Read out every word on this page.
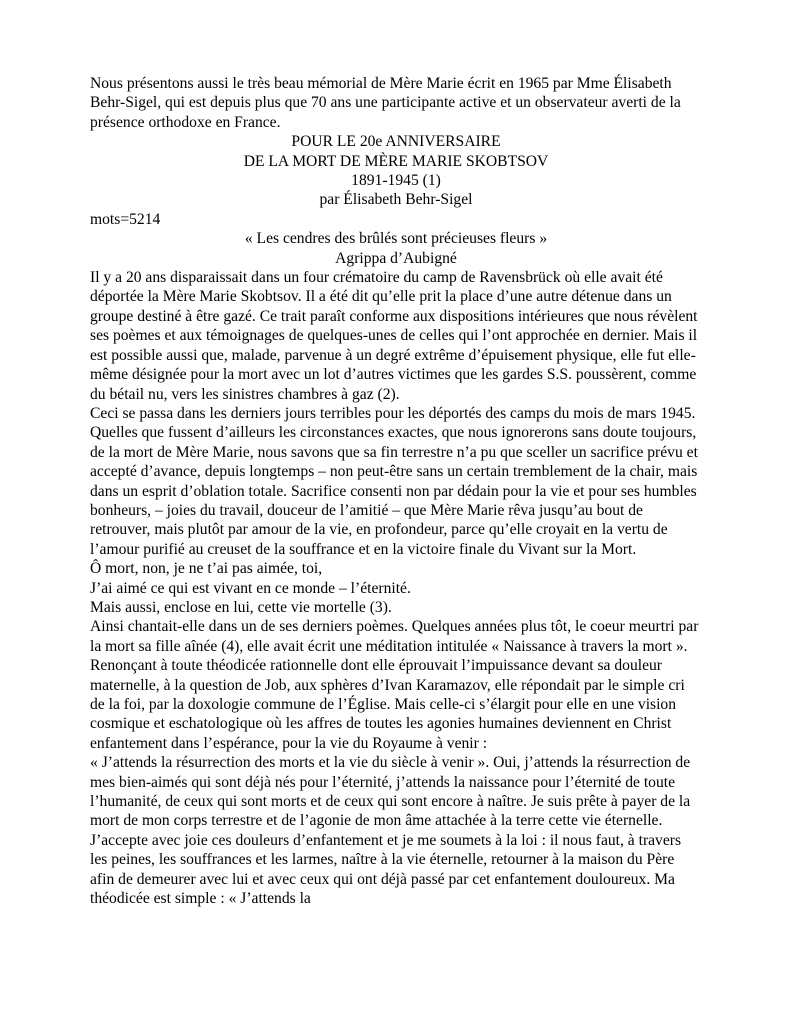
Nous présentons aussi le très beau mémorial de Mère Marie écrit en 1965 par Mme Élisabeth Behr-Sigel, qui est depuis plus que 70 ans une participante active et un observateur averti de la présence orthodoxe en France.

POUR LE 20e ANNIVERSAIRE
DE LA MORT DE MÈRE MARIE SKOBTSOV
1891-1945 (1)
par Élisabeth Behr-Sigel
mots=5214
« Les cendres des brûlés sont précieuses fleurs »
Agrippa d’Aubigné

Il y a 20 ans disparaissait dans un four crématoire du camp de Ravensbrück où elle avait été déportée la Mère Marie Skobtsov. Il a été dit qu’elle prit la place d’une autre détenue dans un groupe destiné à être gazé. Ce trait paraît conforme aux dispositions intérieures que nous révèlent ses poèmes et aux témoignages de quelques-unes de celles qui l’ont approchée en dernier. Mais il est possible aussi que, malade, parvenue à un degré extrême d’épuisement physique, elle fut elle-même désignée pour la mort avec un lot d’autres victimes que les gardes S.S. poussèrent, comme du bétail nu, vers les sinistres chambres à gaz (2).

Ceci se passa dans les derniers jours terribles pour les déportés des camps du mois de mars 1945. Quelles que fussent d’ailleurs les circonstances exactes, que nous ignorerons sans doute toujours, de la mort de Mère Marie, nous savons que sa fin terrestre n’a pu que sceller un sacrifice prévu et accepté d’avance, depuis longtemps – non peut-être sans un certain tremblement de la chair, mais dans un esprit d’oblation totale. Sacrifice consenti non par dédain pour la vie et pour ses humbles bonheurs, – joies du travail, douceur de l’amitié – que Mère Marie rêva jusqu’au bout de retrouver, mais plutôt par amour de la vie, en profondeur, parce qu’elle croyait en la vertu de l’amour purifié au creuset de la souffrance et en la victoire finale du Vivant sur la Mort.

Ô mort, non, je ne t’ai pas aimée, toi,
J’ai aimé ce qui est vivant en ce monde – l’éternité.
Mais aussi, enclose en lui, cette vie mortelle (3).

Ainsi chantait-elle dans un de ses derniers poèmes. Quelques années plus tôt, le coeur meurtri par la mort sa fille aînée (4), elle avait écrit une méditation intitulée « Naissance à travers la mort ». Renonçant à toute théodicée rationnelle dont elle éprouvait l’impuissance devant sa douleur maternelle, à la question de Job, aux sphères d’Ivan Karamazov, elle répondait par le simple cri de la foi, par la doxologie commune de l’Église. Mais celle-ci s’élargit pour elle en une vision cosmique et eschatologique où les affres de toutes les agonies humaines deviennent en Christ enfantement dans l’espérance, pour la vie du Royaume à venir :

« J’attends la résurrection des morts et la vie du siècle à venir ». Oui, j’attends la résurrection de mes bien-aimés qui sont déjà nés pour l’éternité, j’attends la naissance pour l’éternité de toute l’humanité, de ceux qui sont morts et de ceux qui sont encore à naître. Je suis prête à payer de la mort de mon corps terrestre et de l’agonie de mon âme attachée à la terre cette vie éternelle. J’accepte avec joie ces douleurs d’enfantement et je me soumets à la loi : il nous faut, à travers les peines, les souffrances et les larmes, naître à la vie éternelle, retourner à la maison du Père afin de demeurer avec lui et avec ceux qui ont déjà passé par cet enfantement douloureux. Ma théodicée est simple : « J’attends la
